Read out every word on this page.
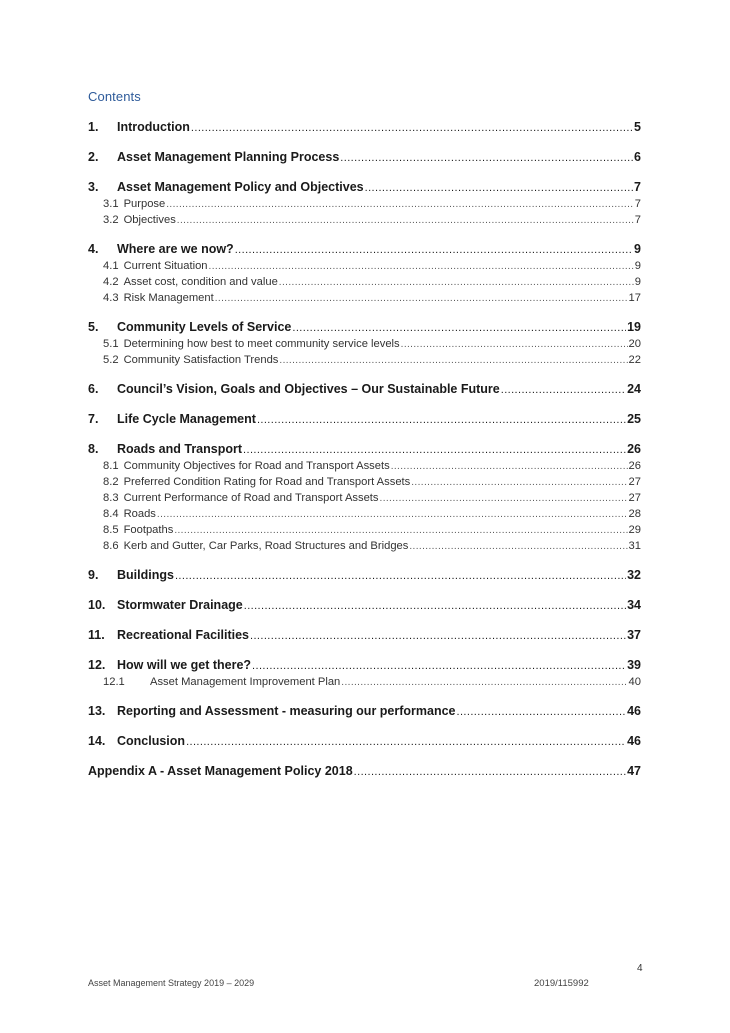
Contents
1. Introduction .....	5
2. Asset Management Planning Process .....	6
3. Asset Management Policy and Objectives .....	7
3.1 Purpose .....	7
3.2 Objectives .....	7
4. Where are we now? .....	9
4.1 Current Situation .....	9
4.2 Asset cost, condition and value .....	9
4.3 Risk Management .....	17
5. Community Levels of Service .....	19
5.1 Determining how best to meet community service levels .....	20
5.2 Community Satisfaction Trends .....	22
6. Council’s Vision, Goals and Objectives – Our Sustainable Future .....	24
7. Life Cycle Management .....	25
8. Roads and Transport .....	26
8.1 Community Objectives for Road and Transport Assets .....	26
8.2 Preferred Condition Rating for Road and Transport Assets .....	27
8.3 Current Performance of Road and Transport Assets .....	27
8.4 Roads .....	28
8.5 Footpaths .....	29
8.6 Kerb and Gutter, Car Parks, Road Structures and Bridges .....	31
9. Buildings .....	32
10. Stormwater Drainage .....	34
11. Recreational Facilities .....	37
12. How will we get there? .....	39
12.1 Asset Management Improvement Plan .....	40
13. Reporting and Assessment - measuring our performance .....	46
14. Conclusion .....	46
Appendix A - Asset Management Policy 2018 .....	47
4
Asset Management Strategy 2019 – 2029	2019/115992
